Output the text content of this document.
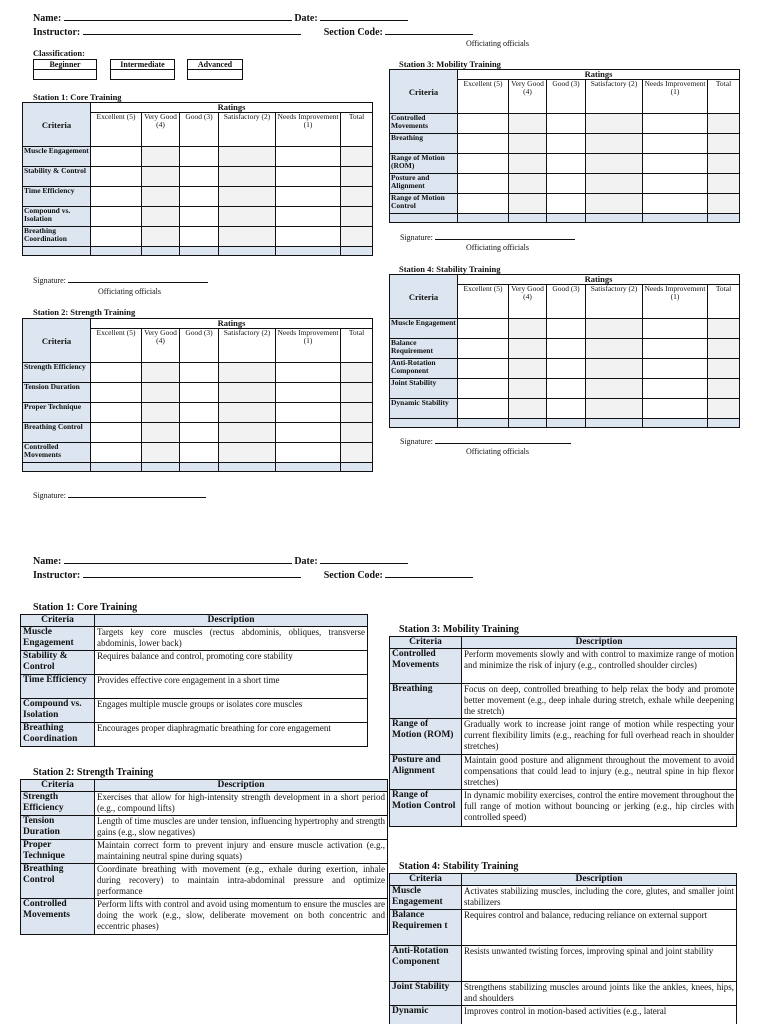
Name:	Date:
Instructor:	Section Code:
Officiating officials
Classification:
Beginner	Intermediate	Advanced
Station 1: Core Training
Criteria	Ratings					
	Excellent (5)	Very Good (4)	Good (3)	Satisfactory (2)	Needs Improvement (1)	Total
Muscle Engagement						
Stability & Control						
Time Efficiency						
Compound vs. Isolation						
Breathing Coordination						

Signature:
Officiating officials
Station 2: Strength Training
Criteria	Ratings					
	Excellent (5)	Very Good (4)	Good (3)	Satisfactory (2)	Needs Improvement (1)	Total
Strength Efficiency						
Tension Duration						
Proper Technique						
Breathing Control						
Controlled Movements						

Signature:
Station 3: Mobility Training
Criteria	Ratings					
	Excellent (5)	Very Good (4)	Good (3)	Satisfactory (2)	Needs Improvement (1)	Total
Controlled Movements						
Breathing						
Range of Motion (ROM)						
Posture and Alignment						
Range of Motion Control						

Signature:
Officiating officials
Station 4: Stability Training
Criteria	Ratings					
	Excellent (5)	Very Good (4)	Good (3)	Satisfactory (2)	Needs Improvement (1)	Total
Muscle Engagement						
Balance Requirement						
Anti-Rotation Component						
Joint Stability						
Dynamic Stability						

Signature:
Officiating officials
Name:	Date:
Instructor:	Section Code:
Station 1: Core Training
Criteria	Description
Muscle Engagement	Targets key core muscles (rectus abdominis, obliques, transverse abdominis, lower back)
Stability & Control	Requires balance and control, promoting core stability
Time Efficiency	Provides effective core engagement in a short time
Compound vs. Isolation	Engages multiple muscle groups or isolates core muscles
Breathing Coordination	Encourages proper diaphragmatic breathing for core engagement
Station 2: Strength Training
Criteria	Description
Strength Efficiency	Exercises that allow for high-intensity strength development in a short period (e.g., compound lifts)
Tension Duration	Length of time muscles are under tension, influencing hypertrophy and strength gains (e.g., slow negatives)
Proper Technique	Maintain correct form to prevent injury and ensure muscle activation (e.g., maintaining neutral spine during squats)
Breathing Control	Coordinate breathing with movement (e.g., exhale during exertion, inhale during recovery) to maintain intra-abdominal pressure and optimize performance
Controlled Movements	Perform lifts with control and avoid using momentum to ensure the muscles are doing the work (e.g., slow, deliberate movement on both concentric and eccentric phases)
Station 3: Mobility Training
Criteria	Description
Controlled Movements	Perform movements slowly and with control to maximize range of motion and minimize the risk of injury (e.g., controlled shoulder circles)
Breathing	Focus on deep, controlled breathing to help relax the body and promote better movement (e.g., deep inhale during stretch, exhale while deepening the stretch)
Range of Motion (ROM)	Gradually work to increase joint range of motion while respecting your current flexibility limits (e.g., reaching for full overhead reach in shoulder stretches)
Posture and Alignment	Maintain good posture and alignment throughout the movement to avoid compensations that could lead to injury (e.g., neutral spine in hip flexor stretches)
Range of Motion Control	In dynamic mobility exercises, control the entire movement throughout the full range of motion without bouncing or jerking (e.g., hip circles with controlled speed)
Station 4: Stability Training
Criteria	Description
Muscle Engagement	Activates stabilizing muscles, including the core, glutes, and smaller joint stabilizers
Balance Requiremen t	Requires control and balance, reducing reliance on external support
Anti-Rotation Component	Resists unwanted twisting forces, improving spinal and joint stability
Joint Stability	Strengthens stabilizing muscles around joints like the ankles, knees, hips, and shoulders
Dynamic	Improves control in motion-based activities (e.g., lateral
